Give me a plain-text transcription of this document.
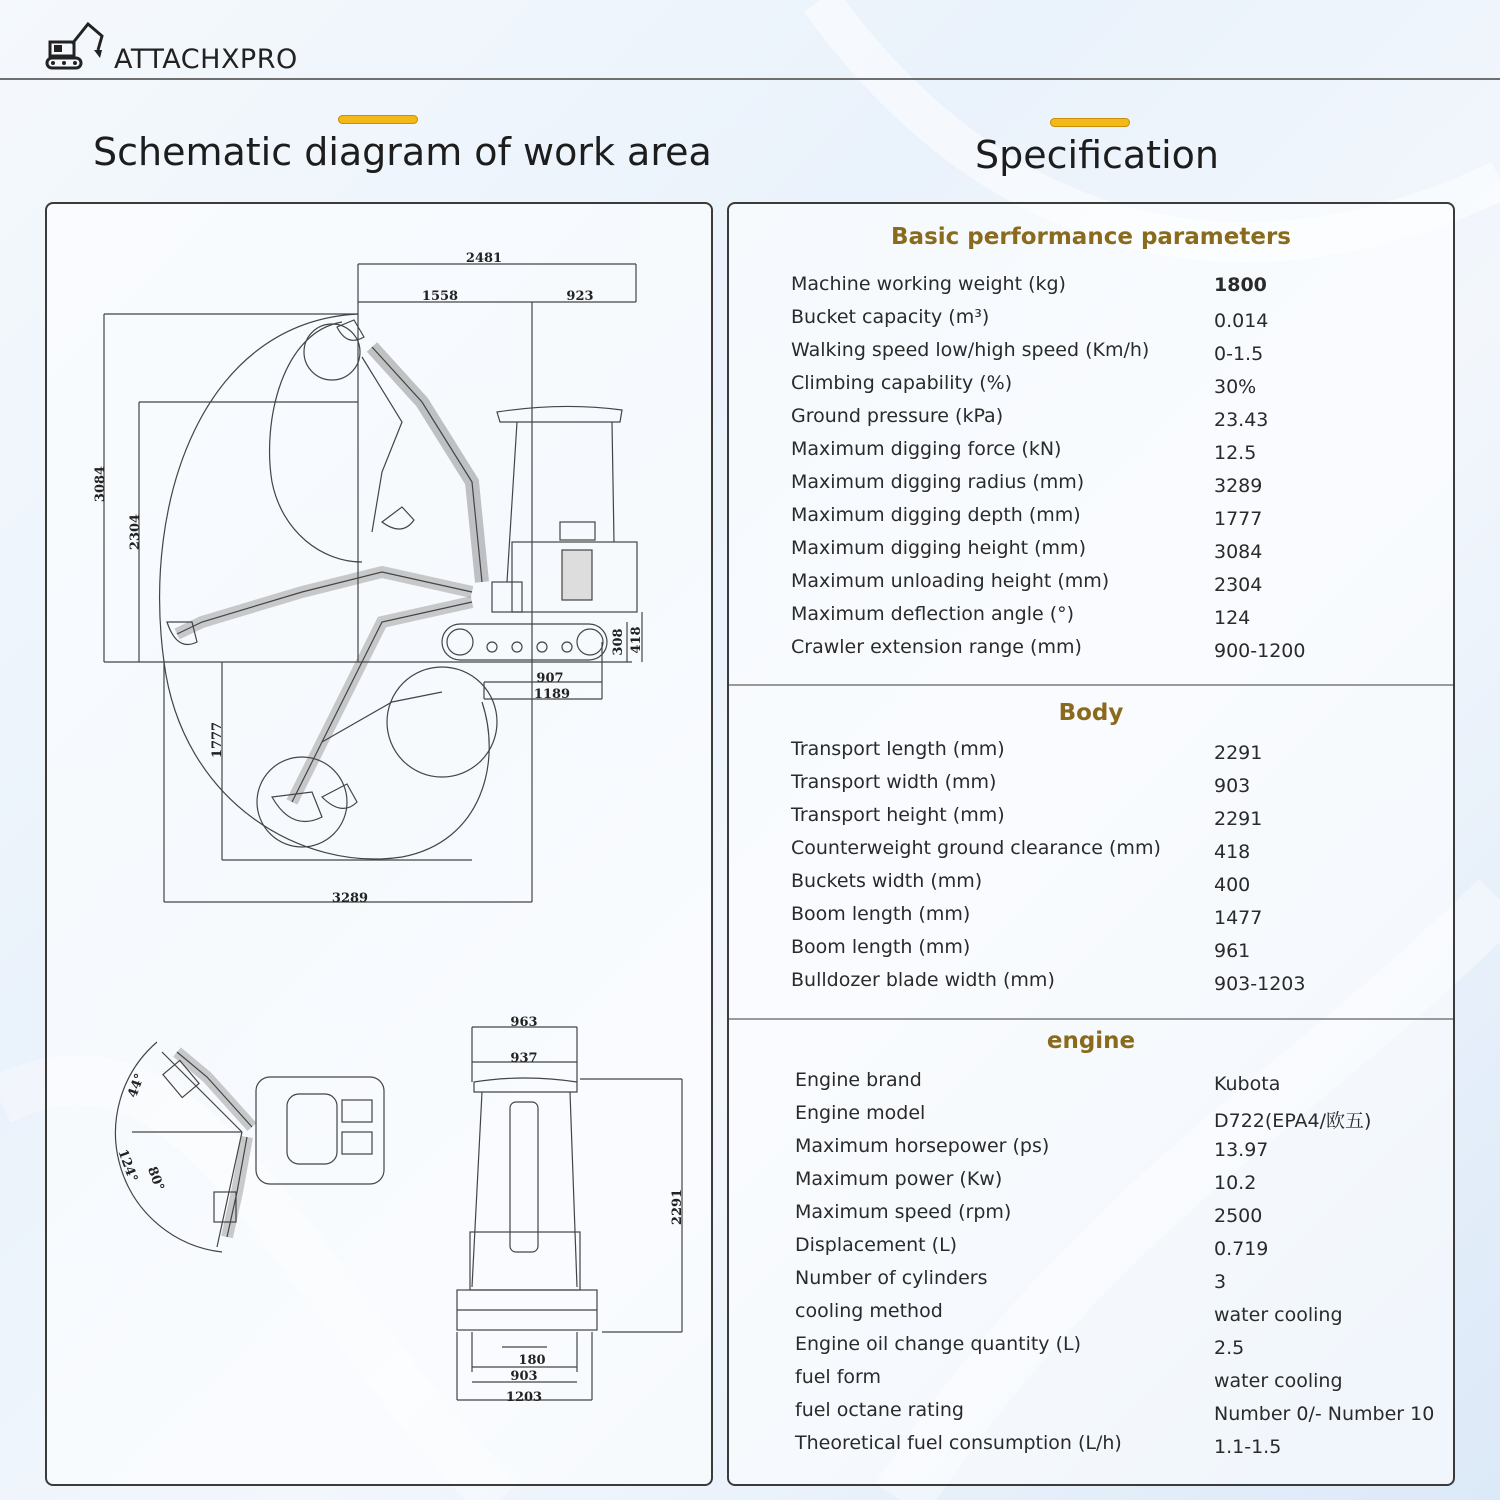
ATTACHXPRO
Schematic diagram of work area	Specification
2481
1558	923
3084
2304
1777
3289
907
1189
308 418
44°
124° 80°
963
937
2291
180
903
1203
Basic performance parameters
Machine working weight (kg)	1800
Bucket capacity (m³)	0.014
Walking speed low/high speed (Km/h)	0-1.5
Climbing capability (%)	30%
Ground pressure (kPa)	23.43
Maximum digging force (kN)	12.5
Maximum digging radius (mm)	3289
Maximum digging depth (mm)	1777
Maximum digging height (mm)	3084
Maximum unloading height (mm)	2304
Maximum deflection angle (°)	124
Crawler extension range (mm)	900-1200
Body
Transport length (mm)	2291
Transport width (mm)	903
Transport height (mm)	2291
Counterweight ground clearance (mm)	418
Buckets width (mm)	400
Boom length (mm)	1477
Boom length (mm)	961
Bulldozer blade width (mm)	903-1203
engine
Engine brand	Kubota
Engine model	D722(EPA4/欧五)
Maximum horsepower (ps)	13.97
Maximum power (Kw)	10.2
Maximum speed (rpm)	2500
Displacement (L)	0.719
Number of cylinders	3
cooling method	water cooling
Engine oil change quantity (L)	2.5
fuel form	water cooling
fuel octane rating	Number 0/- Number 10
Theoretical fuel consumption (L/h)	1.1-1.5
